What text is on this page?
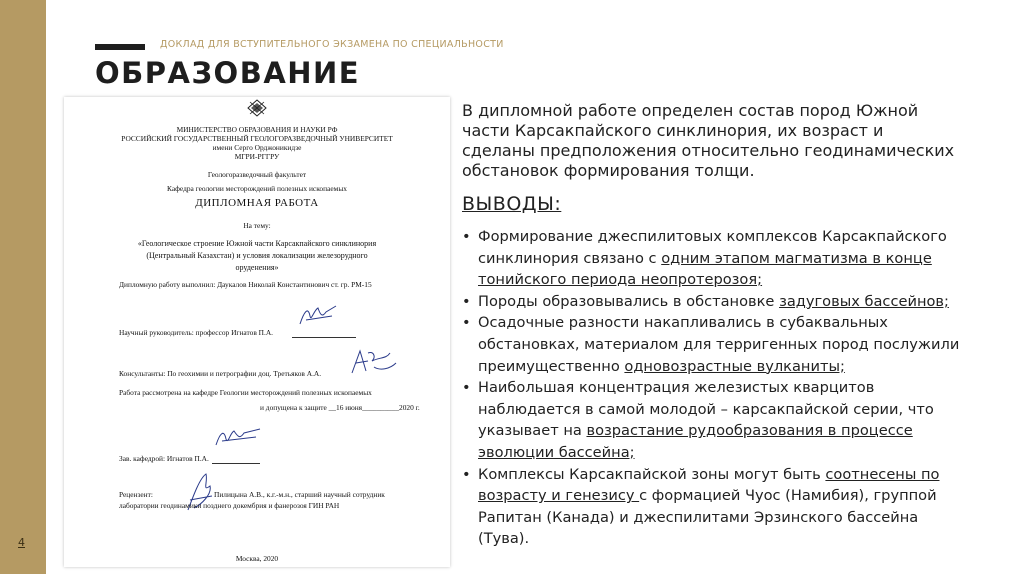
4
ДОКЛАД ДЛЯ ВСТУПИТЕЛЬНОГО ЭКЗАМЕНА ПО СПЕЦИАЛЬНОСТИ
ОБРАЗОВАНИЕ
МИНИСТЕРСТВО ОБРАЗОВАНИЯ И НАУКИ РФ
РОССИЙСКИЙ ГОСУДАРСТВЕННЫЙ ГЕОЛОГОРАЗВЕДОЧНЫЙ УНИВЕРСИТЕТ
имени Серго Орджоникидзе
МГРИ-РГГРУ
Геологоразведочный факультет
Кафедра геологии месторождений полезных ископаемых
ДИПЛОМНАЯ РАБОТА
На тему:
«Геологическое строение Южной части Карсакпайского синклинория
(Центральный Казахстан) и условия локализации железорудного
оруденения»
Дипломную работу выполнил: Даукалов Николай Константинович ст. гр. РМ-15
Научный руководитель: профессор Игнатов П.А.
Консультанты: По геохимии и петрографии доц. Третьяков А.А.
Работа рассмотрена на кафедре Геологии месторождений полезных ископаемых
и допущена к защите __16 июня__________2020 г.
Зав. кафедрой: Игнатов П.А.
Рецензент:	Пилицына А.В., к.г.-м.н., старший научный сотрудник
лаборатории геодинамики позднего докембрия и фанерозоя ГИН РАН
Москва, 2020
В дипломной работе определен состав пород Южной
части Карсакпайского синклинория, их возраст и
сделаны предположения относительно геодинамических
обстановок формирования толщи.
ВЫВОДЫ:
• Формирование джеспилитовых комплексов Карсакпайского
синклинория связано с одним этапом магматизма в конце
тонийского периода неопротерозоя;
• Породы образовывались в обстановке задуговых бассейнов;
• Осадочные разности накапливались в субаквальных
обстановках, материалом для терригенных пород послужили
преимущественно одновозрастные вулканиты;
• Наибольшая концентрация железистых кварцитов
наблюдается в самой молодой – карсакпайской серии, что
указывает на возрастание рудообразования в процессе
эволюции бассейна;
• Комплексы Карсакпайской зоны могут быть соотнесены по
возрасту и генезису с формацией Чуос (Намибия), группой
Рапитан (Канада) и джеспилитами Эрзинского бассейна
(Тува).
